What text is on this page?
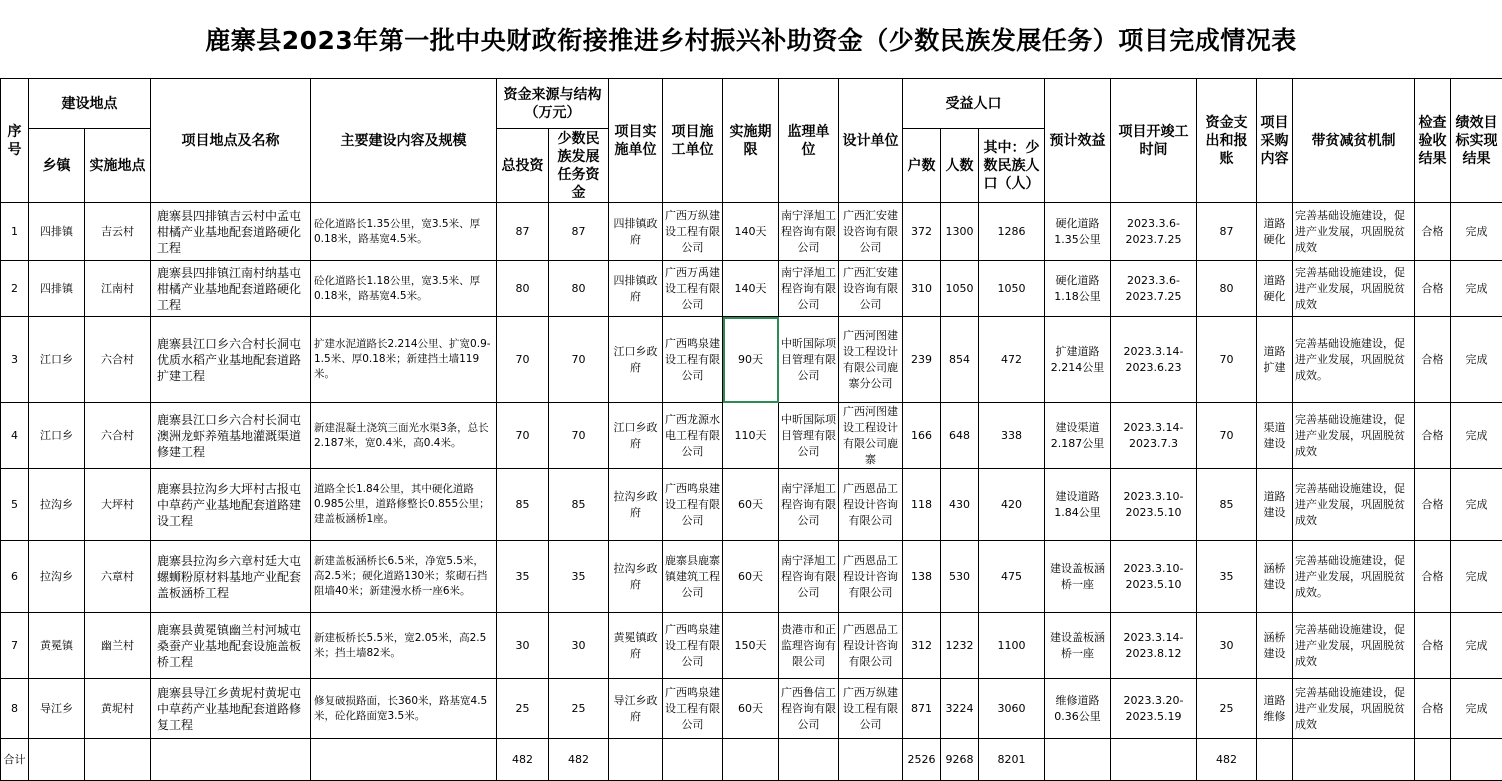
鹿寨县2023年第一批中央财政衔接推进乡村振兴补助资金（少数民族发展任务）项目完成情况表
序号	建设地点		项目地点及名称	主要建设内容及规模	资金来源与结构（万元）		项目实施单位	项目施工单位	实施期限	监理单位	设计单位	受益人口			预计效益	项目开竣工时间	资金支出和报账	项目采购内容	带贫减贫机制	检查验收结果	绩效目标实现结果
	乡镇	实施地点			总投资	少数民族发展任务资金						户数	人数	其中：少数民族人口（人）							
1	四排镇	吉云村	鹿寨县四排镇吉云村中孟屯柑橘产业基地配套道路硬化工程	砼化道路长1.35公里，宽3.5米、厚0.18米，路基宽4.5米。	87	87	四排镇政府	广西万纵建设工程有限公司	140天	南宁泽旭工程咨询有限公司	广西汇安建设咨询有限公司	372	1300	1286	硬化道路1.35公里	2023.3.6-2023.7.25	87	道路硬化	完善基础设施建设，促进产业发展，巩固脱贫成效	合格	完成
2	四排镇	江南村	鹿寨县四排镇江南村纳基屯柑橘产业基地配套道路硬化工程	砼化道路长1.18公里，宽3.5米、厚0.18米，路基宽4.5米。	80	80	四排镇政府	广西万禹建设工程有限公司	140天	南宁泽旭工程咨询有限公司	广西汇安建设咨询有限公司	310	1050	1050	硬化道路1.18公里	2023.3.6-2023.7.25	80	道路硬化	完善基础设施建设，促进产业发展，巩固脱贫成效	合格	完成
3	江口乡	六合村	鹿寨县江口乡六合村长洞屯优质水稻产业基地配套道路扩建工程	扩建水泥道路长2.214公里、扩宽0.9-1.5米、厚0.18米；新建挡土墙119米。	70	70	江口乡政府	广西鸣泉建设工程有限公司	90天	中昕国际项目管理有限公司	广西河图建设工程设计有限公司鹿寨分公司	239	854	472	扩建道路2.214公里	2023.3.14-2023.6.23	70	道路扩建	完善基础设施建设，促进产业发展，巩固脱贫成效。	合格	完成
4	江口乡	六合村	鹿寨县江口乡六合村长洞屯澳洲龙虾养殖基地灌溉渠道修建工程	新建混凝土浇筑三面光水渠3条，总长2.187米，宽0.4米，高0.4米。	70	70	江口乡政府	广西龙源水电工程有限公司	110天	中昕国际项目管理有限公司	广西河图建设工程设计有限公司鹿寨	166	648	338	建设渠道2.187公里	2023.3.14-2023.7.3	70	渠道建设	完善基础设施建设，促进产业发展，巩固脱贫成效	合格	完成
5	拉沟乡	大坪村	鹿寨县拉沟乡大坪村古报屯中草药产业基地配套道路建设工程	道路全长1.84公里，其中硬化道路0.985公里，道路修整长0.855公里；建盖板涵桥1座。	85	85	拉沟乡政府	广西鸣泉建设工程有限公司	60天	南宁泽旭工程咨询有限公司	广西恩品工程设计咨询有限公司	118	430	420	建设道路1.84公里	2023.3.10-2023.5.10	85	道路建设	完善基础设施建设，促进产业发展，巩固脱贫成效	合格	完成
6	拉沟乡	六章村	鹿寨县拉沟乡六章村廷大屯螺蛳粉原材料基地产业配套盖板涵桥工程	新建盖板涵桥长6.5米，净宽5.5米，高2.5米；硬化道路130米；浆砌石挡阻墙40米；新建漫水桥一座6米。	35	35	拉沟乡政府	鹿寨县鹿寨镇建筑工程公司	60天	南宁泽旭工程咨询有限公司	广西恩品工程设计咨询有限公司	138	530	475	建设盖板涵桥一座	2023.3.10-2023.5.10	35	涵桥建设	完善基础设施建设，促进产业发展，巩固脱贫成效。	合格	完成
7	黄冕镇	幽兰村	鹿寨县黄冕镇幽兰村河城屯桑蚕产业基地配套设施盖板桥工程	新建板桥长5.5米，宽2.05米，高2.5米；挡土墙82米。	30	30	黄冕镇政府	广西鸣泉建设工程有限公司	150天	贵港市和正监理咨询有限公司	广西恩品工程设计咨询有限公司	312	1232	1100	建设盖板涵桥一座	2023.3.14-2023.8.12	30	涵桥建设	完善基础设施建设，促进产业发展，巩固脱贫成效	合格	完成
8	导江乡	黄坭村	鹿寨县导江乡黄坭村黄坭屯中草药产业基地配套道路修复工程	修复破损路面，长360米，路基宽4.5米，砼化路面宽3.5米。	25	25	导江乡政府	广西鸣泉建设工程有限公司	60天	广西鲁信工程咨询有限公司	广西万纵建设工程有限公司	871	3224	3060	维修道路0.36公里	2023.3.20-2023.5.19	25	道路维修	完善基础设施建设，促进产业发展，巩固脱贫成效	合格	完成
合计					482	482						2526	9268	8201			482				
